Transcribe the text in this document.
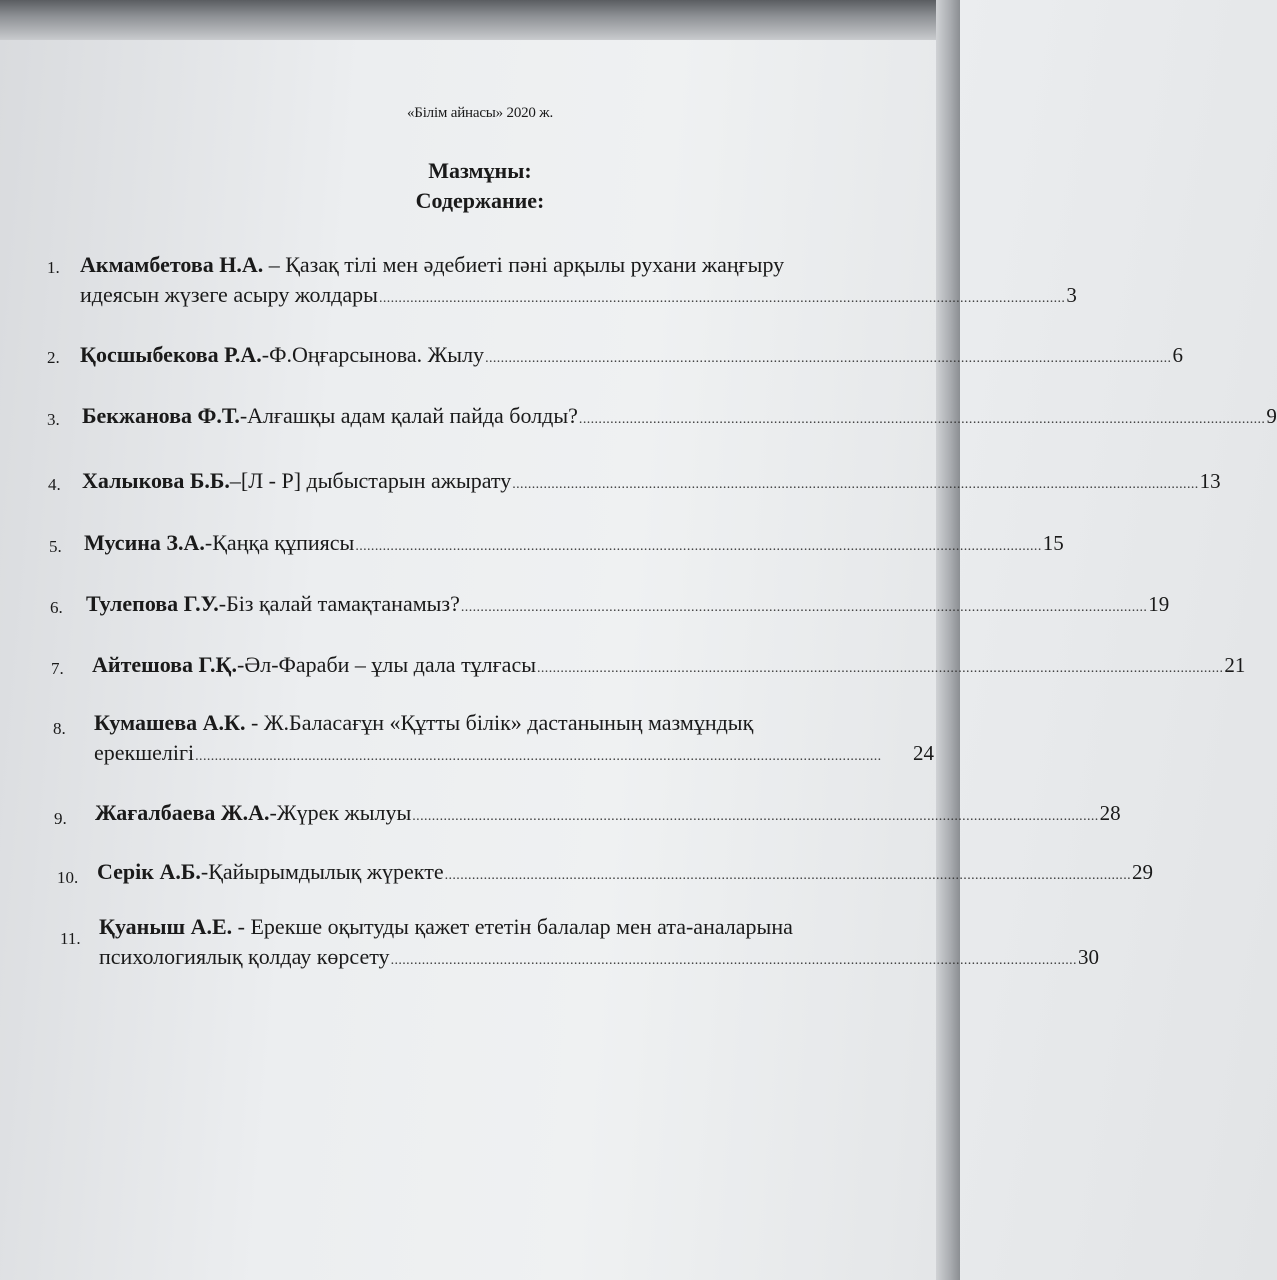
«Білім айнасы» 2020 ж.
Мазмұны:
Содержание:
1. Акмамбетова Н.А. – Қазақ тілі мен әдебиеті пәні арқылы рухани жаңғыру
идеясын жүзеге асыру жолдары ................................................................................................................................................................................ 3
2. Қосшыбекова Р.А. - Ф.Оңғарсынова. Жылу ................................................................................................................................................................................ 6
3. Бекжанова Ф.Т. - Алғашқы адам қалай пайда болды? ................................................................................................................................................................................ 9
4. Халыкова Б.Б. – [Л - Р] дыбыстарын ажырату ................................................................................................................................................................................ 13
5. Мусина З.А. - Қаңқа құпиясы ................................................................................................................................................................................ 15
6. Тулепова Г.У. - Біз қалай тамақтанамыз? ................................................................................................................................................................................ 19
7. Айтешова Г.Қ. - Әл-Фараби – ұлы дала тұлғасы ................................................................................................................................................................................ 21
8. Кумашева А.К. - Ж.Баласағұн «Құтты білік» дастанының мазмұндық
ерекшелігі ................................................................................................................................................................................	24
9. Жағалбаева Ж.А. - Жүрек жылуы ................................................................................................................................................................................ 28
10. Серік А.Б. - Қайырымдылық жүректе ................................................................................................................................................................................ 29
11. Қуаныш А.Е. - Ерекше оқытуды қажет ететін балалар мен ата-аналарына
психологиялық қолдау көрсету ................................................................................................................................................................................ 30
